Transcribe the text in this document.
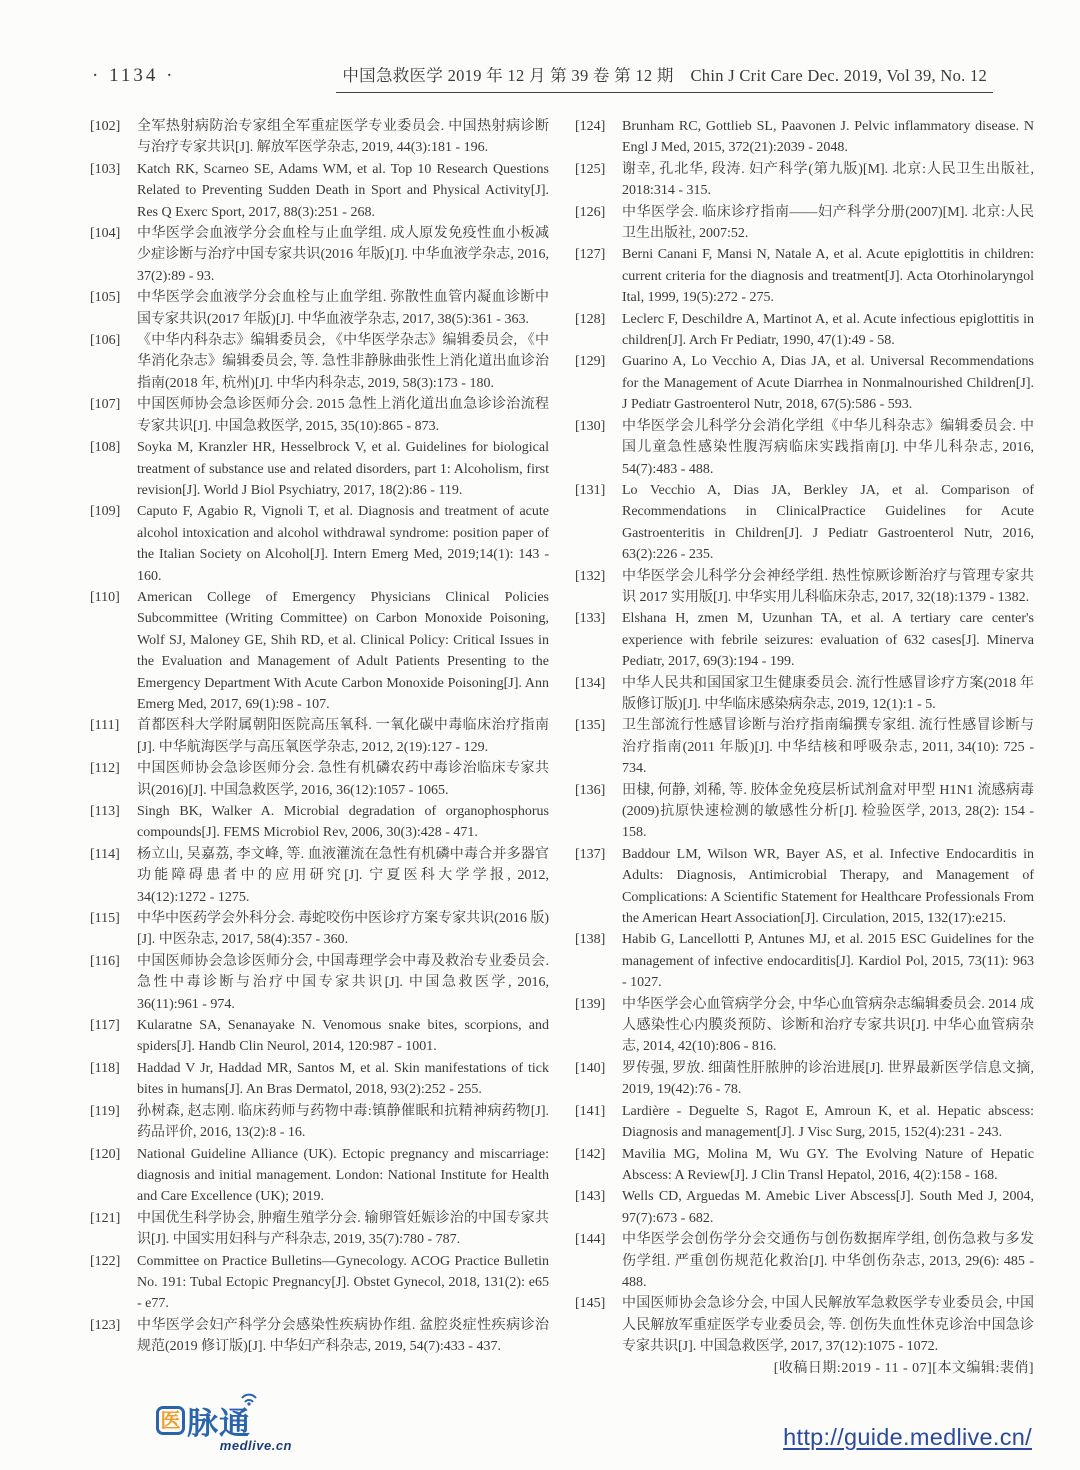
· 1134 ·	中国急救医学 2019 年 12 月 第 39 卷 第 12 期　Chin J Crit Care Dec. 2019, Vol 39, No. 12
[102]	全军热射病防治专家组全军重症医学专业委员会. 中国热射病诊断与治疗专家共识[J]. 解放军医学杂志, 2019, 44(3):181 - 196.
[103]	Katch RK, Scarneo SE, Adams WM, et al. Top 10 Research Questions Related to Preventing Sudden Death in Sport and Physical Activity[J]. Res Q Exerc Sport, 2017, 88(3):251 - 268.
[104]	中华医学会血液学分会血栓与止血学组. 成人原发免疫性血小板减少症诊断与治疗中国专家共识(2016 年版)[J]. 中华血液学杂志, 2016, 37(2):89 - 93.
[105]	中华医学会血液学分会血栓与止血学组. 弥散性血管内凝血诊断中国专家共识(2017 年版)[J]. 中华血液学杂志, 2017, 38(5):361 - 363.
[106]	《中华内科杂志》编辑委员会, 《中华医学杂志》编辑委员会, 《中华消化杂志》编辑委员会, 等. 急性非静脉曲张性上消化道出血诊治指南(2018 年, 杭州)[J]. 中华内科杂志, 2019, 58(3):173 - 180.
[107]	中国医师协会急诊医师分会. 2015 急性上消化道出血急诊诊治流程专家共识[J]. 中国急救医学, 2015, 35(10):865 - 873.
[108]	Soyka M, Kranzler HR, Hesselbrock V, et al. Guidelines for biological treatment of substance use and related disorders, part 1: Alcoholism, first revision[J]. World J Biol Psychiatry, 2017, 18(2):86 - 119.
[109]	Caputo F, Agabio R, Vignoli T, et al. Diagnosis and treatment of acute alcohol intoxication and alcohol withdrawal syndrome: position paper of the Italian Society on Alcohol[J]. Intern Emerg Med, 2019;14(1): 143 - 160.
[110]	American College of Emergency Physicians Clinical Policies Subcommittee (Writing Committee) on Carbon Monoxide Poisoning, Wolf SJ, Maloney GE, Shih RD, et al. Clinical Policy: Critical Issues in the Evaluation and Management of Adult Patients Presenting to the Emergency Department With Acute Carbon Monoxide Poisoning[J]. Ann Emerg Med, 2017, 69(1):98 - 107.
[111]	首都医科大学附属朝阳医院高压氧科. 一氧化碳中毒临床治疗指南[J]. 中华航海医学与高压氧医学杂志, 2012, 2(19):127 - 129.
[112]	中国医师协会急诊医师分会. 急性有机磷农药中毒诊治临床专家共识(2016)[J]. 中国急救医学, 2016, 36(12):1057 - 1065.
[113]	Singh BK, Walker A. Microbial degradation of organophosphorus compounds[J]. FEMS Microbiol Rev, 2006, 30(3):428 - 471.
[114]	杨立山, 吴嘉荔, 李文峰, 等. 血液灌流在急性有机磷中毒合并多器官功能障碍患者中的应用研究[J]. 宁夏医科大学学报, 2012, 34(12):1272 - 1275.
[115]	中华中医药学会外科分会. 毒蛇咬伤中医诊疗方案专家共识(2016 版)[J]. 中医杂志, 2017, 58(4):357 - 360.
[116]	中国医师协会急诊医师分会, 中国毒理学会中毒及救治专业委员会. 急性中毒诊断与治疗中国专家共识[J]. 中国急救医学, 2016, 36(11):961 - 974.
[117]	Kularatne SA, Senanayake N. Venomous snake bites, scorpions, and spiders[J]. Handb Clin Neurol, 2014, 120:987 - 1001.
[118]	Haddad V Jr, Haddad MR, Santos M, et al. Skin manifestations of tick bites in humans[J]. An Bras Dermatol, 2018, 93(2):252 - 255.
[119]	孙树森, 赵志刚. 临床药师与药物中毒:镇静催眠和抗精神病药物[J]. 药品评价, 2016, 13(2):8 - 16.
[120]	National Guideline Alliance (UK). Ectopic pregnancy and miscarriage: diagnosis and initial management. London: National Institute for Health and Care Excellence (UK); 2019.
[121]	中国优生科学协会, 肿瘤生殖学分会. 输卵管妊娠诊治的中国专家共识[J]. 中国实用妇科与产科杂志, 2019, 35(7):780 - 787.
[122]	Committee on Practice Bulletins—Gynecology. ACOG Practice Bulletin No. 191: Tubal Ectopic Pregnancy[J]. Obstet Gynecol, 2018, 131(2): e65 - e77.
[123]	中华医学会妇产科学分会感染性疾病协作组. 盆腔炎症性疾病诊治规范(2019 修订版)[J]. 中华妇产科杂志, 2019, 54(7):433 - 437.
[124]	Brunham RC, Gottlieb SL, Paavonen J. Pelvic inflammatory disease. N Engl J Med, 2015, 372(21):2039 - 2048.
[125]	谢幸, 孔北华, 段涛. 妇产科学(第九版)[M]. 北京:人民卫生出版社, 2018:314 - 315.
[126]	中华医学会. 临床诊疗指南——妇产科学分册(2007)[M]. 北京:人民卫生出版社, 2007:52.
[127]	Berni Canani F, Mansi N, Natale A, et al. Acute epiglottitis in children: current criteria for the diagnosis and treatment[J]. Acta Otorhinolaryngol Ital, 1999, 19(5):272 - 275.
[128]	Leclerc F, Deschildre A, Martinot A, et al. Acute infectious epiglottitis in children[J]. Arch Fr Pediatr, 1990, 47(1):49 - 58.
[129]	Guarino A, Lo Vecchio A, Dias JA, et al. Universal Recommendations for the Management of Acute Diarrhea in Nonmalnourished Children[J]. J Pediatr Gastroenterol Nutr, 2018, 67(5):586 - 593.
[130]	中华医学会儿科学分会消化学组《中华儿科杂志》编辑委员会. 中国儿童急性感染性腹泻病临床实践指南[J]. 中华儿科杂志, 2016, 54(7):483 - 488.
[131]	Lo Vecchio A, Dias JA, Berkley JA, et al. Comparison of Recommendations in ClinicalPractice Guidelines for Acute Gastroenteritis in Children[J]. J Pediatr Gastroenterol Nutr, 2016, 63(2):226 - 235.
[132]	中华医学会儿科学分会神经学组. 热性惊厥诊断治疗与管理专家共识 2017 实用版[J]. 中华实用儿科临床杂志, 2017, 32(18):1379 - 1382.
[133]	Elshana H, zmen M, Uzunhan TA, et al. A tertiary care center's experience with febrile seizures: evaluation of 632 cases[J]. Minerva Pediatr, 2017, 69(3):194 - 199.
[134]	中华人民共和国国家卫生健康委员会. 流行性感冒诊疗方案(2018 年版修订版)[J]. 中华临床感染病杂志, 2019, 12(1):1 - 5.
[135]	卫生部流行性感冒诊断与治疗指南编撰专家组. 流行性感冒诊断与治疗指南(2011 年版)[J]. 中华结核和呼吸杂志, 2011, 34(10): 725 - 734.
[136]	田棣, 何静, 刘稀, 等. 胶体金免疫层析试剂盒对甲型 H1N1 流感病毒(2009)抗原快速检测的敏感性分析[J]. 检验医学, 2013, 28(2): 154 - 158.
[137]	Baddour LM, Wilson WR, Bayer AS, et al. Infective Endocarditis in Adults: Diagnosis, Antimicrobial Therapy, and Management of Complications: A Scientific Statement for Healthcare Professionals From the American Heart Association[J]. Circulation, 2015, 132(17):e215.
[138]	Habib G, Lancellotti P, Antunes MJ, et al. 2015 ESC Guidelines for the management of infective endocarditis[J]. Kardiol Pol, 2015, 73(11): 963 - 1027.
[139]	中华医学会心血管病学分会, 中华心血管病杂志编辑委员会. 2014 成人感染性心内膜炎预防、诊断和治疗专家共识[J]. 中华心血管病杂志, 2014, 42(10):806 - 816.
[140]	罗传强, 罗放. 细菌性肝脓肿的诊治进展[J]. 世界最新医学信息文摘, 2019, 19(42):76 - 78.
[141]	Lardière - Deguelte S, Ragot E, Amroun K, et al. Hepatic abscess: Diagnosis and management[J]. J Visc Surg, 2015, 152(4):231 - 243.
[142]	Mavilia MG, Molina M, Wu GY. The Evolving Nature of Hepatic Abscess: A Review[J]. J Clin Transl Hepatol, 2016, 4(2):158 - 168.
[143]	Wells CD, Arguedas M. Amebic Liver Abscess[J]. South Med J, 2004, 97(7):673 - 682.
[144]	中华医学会创伤学分会交通伤与创伤数据库学组, 创伤急救与多发伤学组. 严重创伤规范化救治[J]. 中华创伤杂志, 2013, 29(6): 485 - 488.
[145]	中国医师协会急诊分会, 中国人民解放军急救医学专业委员会, 中国人民解放军重症医学专业委员会, 等. 创伤失血性休克诊治中国急诊专家共识[J]. 中国急救医学, 2017, 37(12):1075 - 1072.
[收稿日期:2019 - 11 - 07][本文编辑:裴俏]
医 脉通
medlive.cn	http://guide.medlive.cn/
